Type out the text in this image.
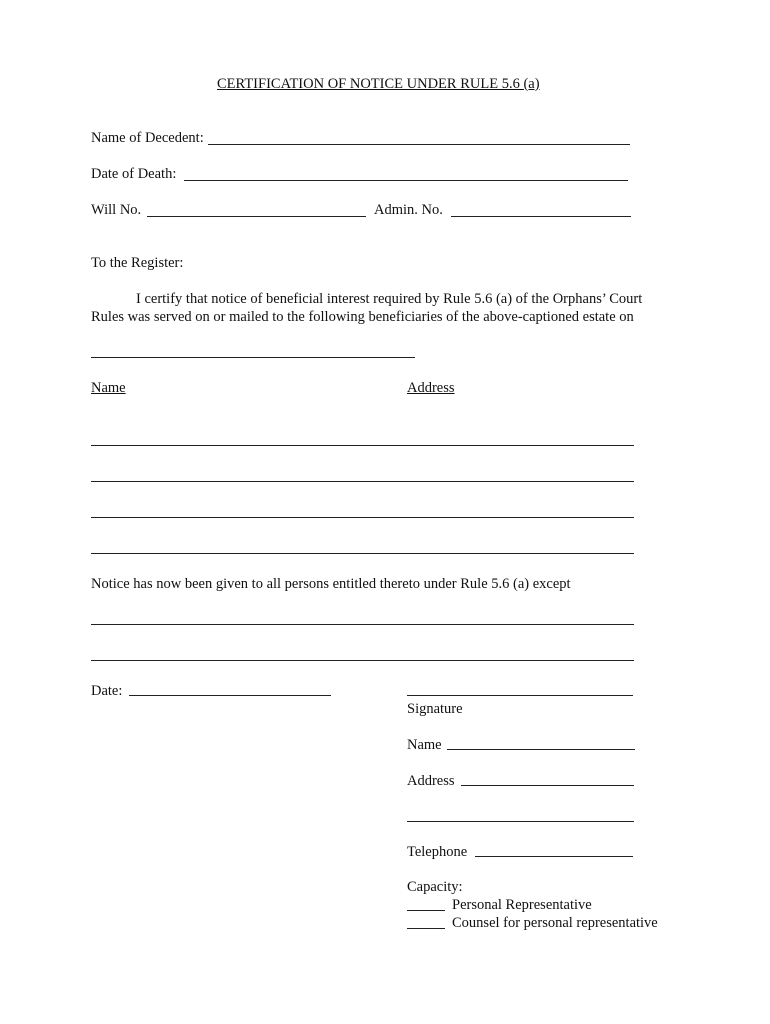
CERTIFICATION OF NOTICE UNDER RULE 5.6 (a)
Name of Decedent:
Date of Death:
Will No.	Admin. No.
To the Register:
I certify that notice of beneficial interest required by Rule 5.6 (a) of the Orphans’ Court
Rules was served on or mailed to the following beneficiaries of the above-captioned estate on
Name	Address
Notice has now been given to all persons entitled thereto under Rule 5.6 (a) except
Date:
Signature
Name
Address
Telephone
Capacity:
Personal Representative
Counsel for personal representative
